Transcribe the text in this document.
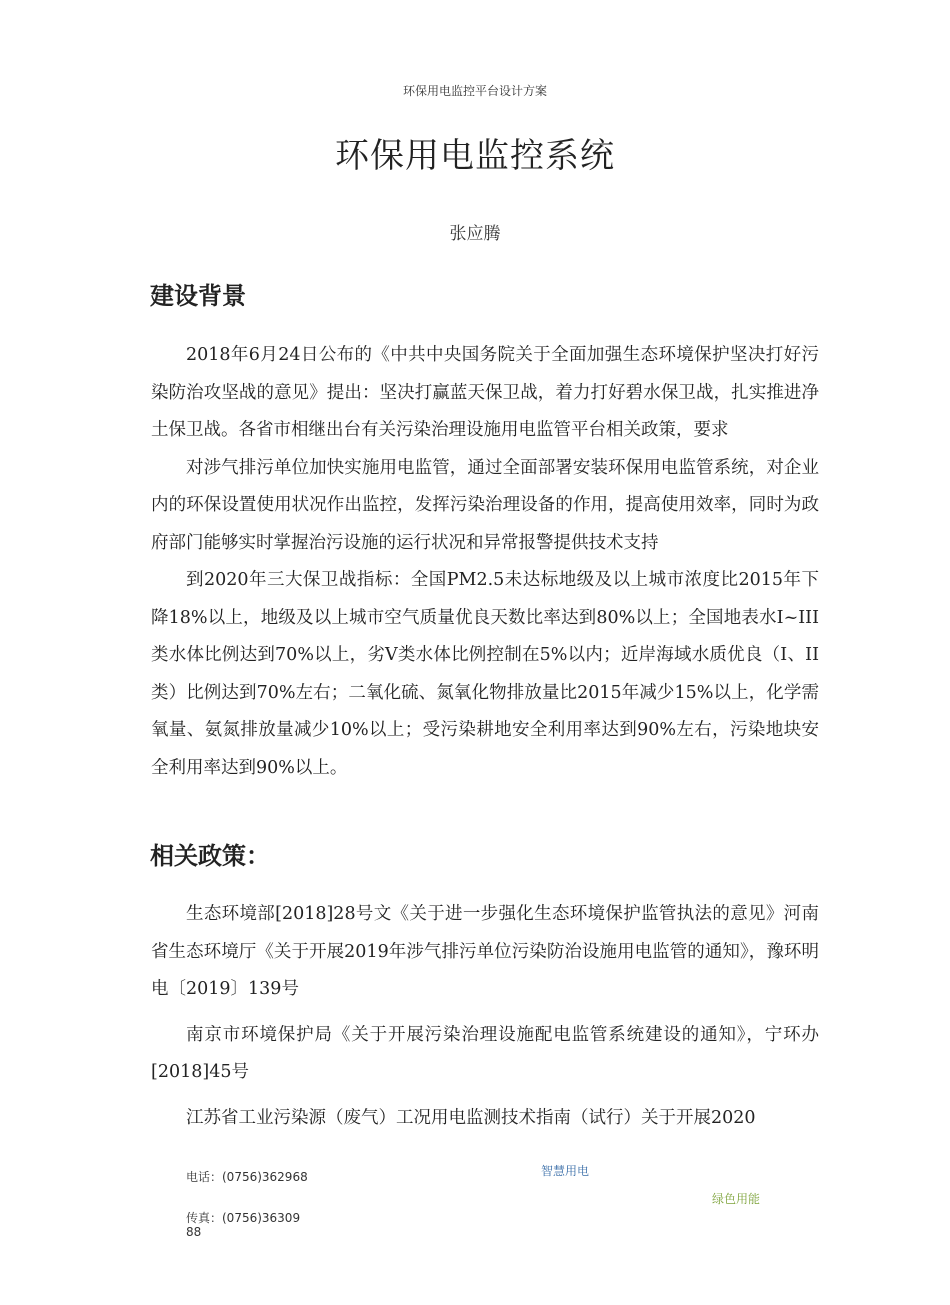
环保用电监控平台设计方案
环保用电监控系统
张应腾
建设背景

2018年6月24日公布的《中共中央国务院关于全面加强生态环境保护坚决打好污染防治攻坚战的意见》提出：坚决打赢蓝天保卫战，着力打好碧水保卫战，扎实推进净土保卫战。各省市相继出台有关污染治理设施用电监管平台相关政策，要求

对涉气排污单位加快实施用电监管，通过全面部署安装环保用电监管系统，对企业内的环保设置使用状况作出监控，发挥污染治理设备的作用，提高使用效率，同时为政府部门能够实时掌握治污设施的运行状况和异常报警提供技术支持

到2020年三大保卫战指标：全国PM2.5未达标地级及以上城市浓度比2015年下降18%以上，地级及以上城市空气质量优良天数比率达到80%以上；全国地表水I~III类水体比例达到70%以上，劣V类水体比例控制在5%以内；近岸海域水质优良（I、II类）比例达到70%左右；二氧化硫、氮氧化物排放量比2015年减少15%以上，化学需氧量、氨氮排放量减少10%以上；受污染耕地安全利用率达到90%左右，污染地块安全利用率达到90%以上。

相关政策：

生态环境部[2018]28号文《关于进一步强化生态环境保护监管执法的意见》河南省生态环境厅《关于开展2019年涉气排污单位污染防治设施用电监管的通知》，豫环明电〔2019〕139号

南京市环境保护局《关于开展污染治理设施配电监管系统建设的通知》，宁环办[2018]45号

江苏省工业污染源（废气）工况用电监测技术指南（试行）关于开展2020

电话：(0756)362968	智慧用电
绿色用能
传真：(0756)36309
88
